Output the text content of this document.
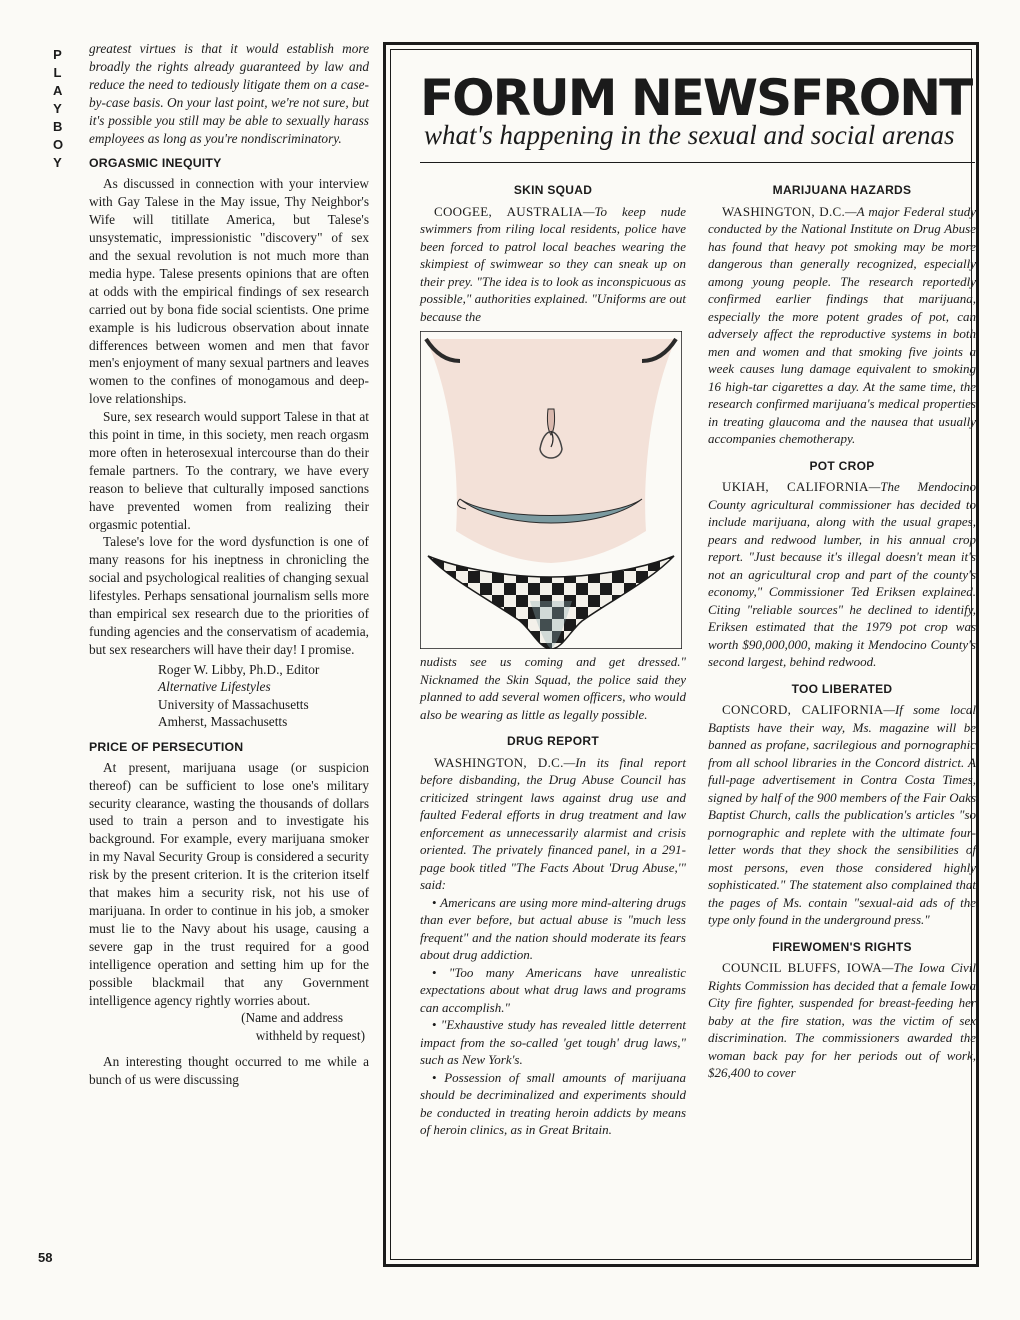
PLAYBOY
58

greatest virtues is that it would establish more broadly the rights already guaranteed by law and reduce the need to tediously litigate them on a case-by-case basis. On your last point, we're not sure, but it's possible you still may be able to sexually harass employees as long as you're nondiscriminatory.

ORGASMIC INEQUITY

As discussed in connection with your interview with Gay Talese in the May issue, Thy Neighbor's Wife will titillate America, but Talese's unsystematic, impressionistic "discovery" of sex and the sexual revolution is not much more than media hype. Talese presents opinions that are often at odds with the empirical findings of sex research carried out by bona fide social scientists. One prime example is his ludicrous observation about innate differences between women and men that favor men's enjoyment of many sexual partners and leaves women to the confines of monogamous and deep-love relationships.

Sure, sex research would support Talese in that at this point in time, in this society, men reach orgasm more often in heterosexual intercourse than do their female partners. To the contrary, we have every reason to believe that culturally imposed sanctions have prevented women from realizing their orgasmic potential.

Talese's love for the word dysfunction is one of many reasons for his ineptness in chronicling the social and psychological realities of changing sexual lifestyles. Perhaps sensational journalism sells more than empirical sex research due to the priorities of funding agencies and the conservatism of academia, but sex researchers will have their day! I promise.

Roger W. Libby, Ph.D., Editor
Alternative Lifestyles
University of Massachusetts
Amherst, Massachusetts
PRICE OF PERSECUTION

At present, marijuana usage (or suspicion thereof) can be sufficient to lose one's military security clearance, wasting the thousands of dollars used to train a person and to investigate his background. For example, every marijuana smoker in my Naval Security Group is considered a security risk by the present criterion. It is the criterion itself that makes him a security risk, not his use of marijuana. In order to continue in his job, a smoker must lie to the Navy about his usage, causing a severe gap in the trust required for a good intelligence operation and setting him up for the possible blackmail that any Government intelligence agency rightly worries about.

(Name and address
withheld by request)

An interesting thought occurred to me while a bunch of us were discussing

FORUM NEWSFRONT
what's happening in the sexual and social arenas
SKIN SQUAD

COOGEE, AUSTRALIA—To keep nude swimmers from riling local residents, police have been forced to patrol local beaches wearing the skimpiest of swimwear so they can sneak up on their prey. "The idea is to look as inconspicuous as possible," authorities explained. "Uniforms are out because the

nudists see us coming and get dressed." Nicknamed the Skin Squad, the police said they planned to add several women officers, who would also be wearing as little as legally possible.

DRUG REPORT

WASHINGTON, D.C.—In its final report before disbanding, the Drug Abuse Council has criticized stringent laws against drug use and faulted Federal efforts in drug treatment and law enforcement as unnecessarily alarmist and crisis oriented. The privately financed panel, in a 291-page book titled "The Facts About 'Drug Abuse,'" said:

• Americans are using more mind-altering drugs than ever before, but actual abuse is "much less frequent" and the nation should moderate its fears about drug addiction.

• "Too many Americans have unrealistic expectations about what drug laws and programs can accomplish."

• "Exhaustive study has revealed little deterrent impact from the so-called 'get tough' drug laws," such as New York's.

• Possession of small amounts of marijuana should be decriminalized and experiments should be conducted in treating heroin addicts by means of heroin clinics, as in Great Britain.

MARIJUANA HAZARDS

WASHINGTON, D.C.—A major Federal study conducted by the National Institute on Drug Abuse has found that heavy pot smoking may be more dangerous than generally recognized, especially among young people. The research reportedly confirmed earlier findings that marijuana, especially the more potent grades of pot, can adversely affect the reproductive systems in both men and women and that smoking five joints a week causes lung damage equivalent to smoking 16 high-tar cigarettes a day. At the same time, the research confirmed marijuana's medical properties in treating glaucoma and the nausea that usually accompanies chemotherapy.

POT CROP

UKIAH, CALIFORNIA—The Mendocino County agricultural commissioner has decided to include marijuana, along with the usual grapes, pears and redwood lumber, in his annual crop report. "Just because it's illegal doesn't mean it's not an agricultural crop and part of the county's economy," Commissioner Ted Eriksen explained. Citing "reliable sources" he declined to identify, Eriksen estimated that the 1979 pot crop was worth $90,000,000, making it Mendocino County's second largest, behind redwood.

TOO LIBERATED

CONCORD, CALIFORNIA—If some local Baptists have their way, Ms. magazine will be banned as profane, sacrilegious and pornographic from all school libraries in the Concord district. A full-page advertisement in Contra Costa Times, signed by half of the 900 members of the Fair Oaks Baptist Church, calls the publication's articles "so pornographic and replete with the ultimate four-letter words that they shock the sensibilities of most persons, even those considered highly sophisticated." The statement also complained that the pages of Ms. contain "sexual-aid ads of the type only found in the underground press."

FIREWOMEN'S RIGHTS

COUNCIL BLUFFS, IOWA—The Iowa Civil Rights Commission has decided that a female Iowa City fire fighter, suspended for breast-feeding her baby at the fire station, was the victim of sex discrimination. The commissioners awarded the woman back pay for her periods out of work, $26,400 to cover
